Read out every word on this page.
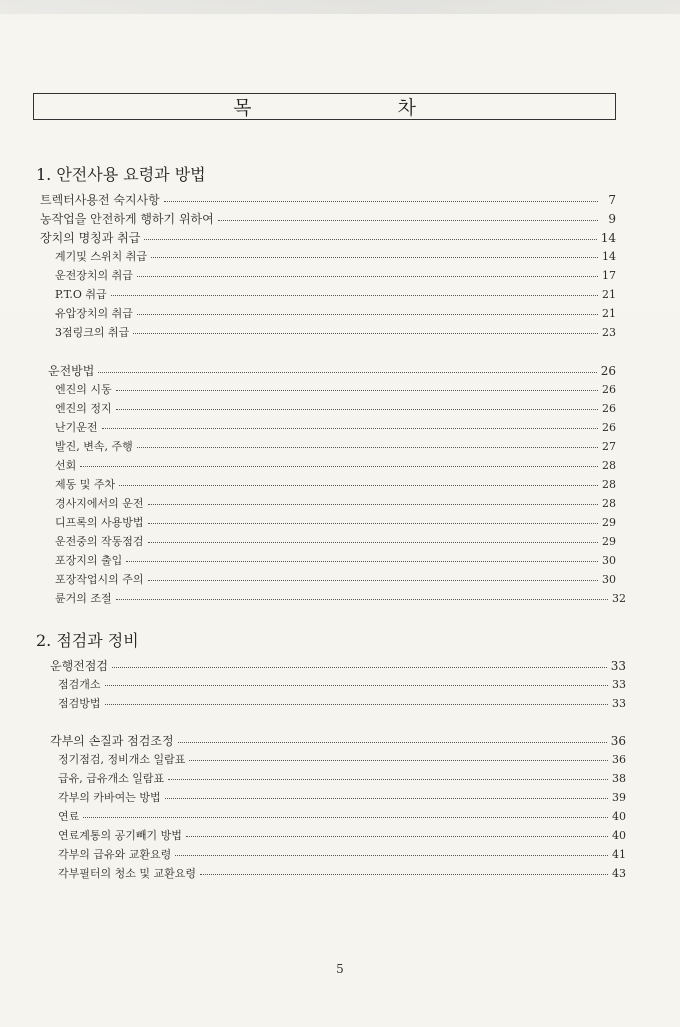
목 차
1. 안전사용 요령과 방법
트렉터사용전 숙지사항	7
농작업을 안전하게 행하기 위하여	9
장치의 명칭과 취급	14
계기및 스위치 취급	14
운전장치의 취급	17
P.T.O 취급	21
유압장치의 취급	21
3점링크의 취급	23
운전방법	26
엔진의 시동	26
엔진의 정지	26
난기운전	26
발진, 변속, 주행	27
선회	28
제동 및 주차	28
경사지에서의 운전	28
디프록의 사용방법	29
운전중의 작동점검	29
포장지의 출입	30
포장작업시의 주의	30
륜거의 조절	32
2. 점검과 정비
운행전점검	33
점검개소	33
점검방법	33
각부의 손질과 점검조정	36
정기점검, 정비개소 일람표	36
급유, 급유개소 일람표	38
각부의 카바여는 방법	39
연료	40
연료계통의 공기빼기 방법	40
각부의 급유와 교환요령	41
각부필터의 청소 및 교환요령	43
5
